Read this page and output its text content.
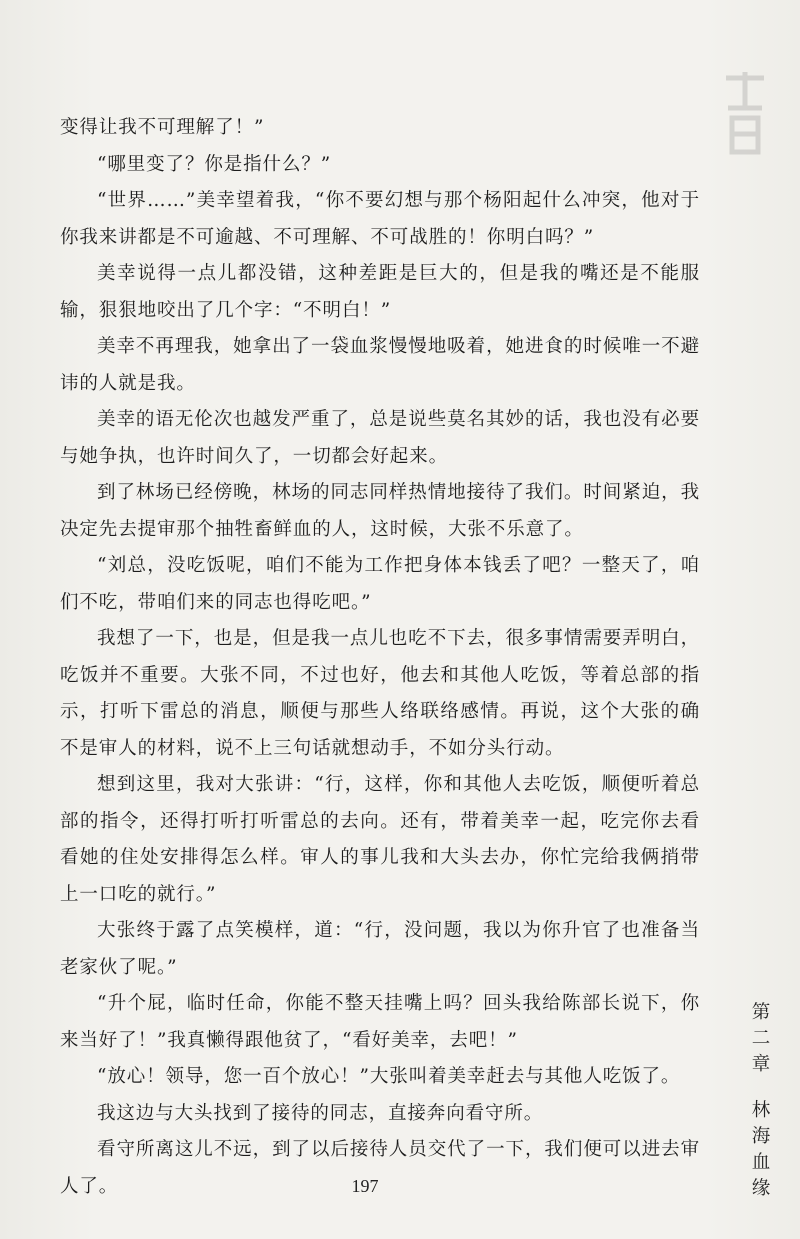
变得让我不可理解了！”

“哪里变了？你是指什么？”

“世界……”美幸望着我，“你不要幻想与那个杨阳起什么冲突，他对于你我来讲都是不可逾越、不可理解、不可战胜的！你明白吗？”

美幸说得一点儿都没错，这种差距是巨大的，但是我的嘴还是不能服输，狠狠地咬出了几个字：“不明白！”

美幸不再理我，她拿出了一袋血浆慢慢地吸着，她进食的时候唯一不避讳的人就是我。

美幸的语无伦次也越发严重了，总是说些莫名其妙的话，我也没有必要与她争执，也许时间久了，一切都会好起来。

到了林场已经傍晚，林场的同志同样热情地接待了我们。时间紧迫，我决定先去提审那个抽牲畜鲜血的人，这时候，大张不乐意了。

“刘总，没吃饭呢，咱们不能为工作把身体本钱丢了吧？一整天了，咱们不吃，带咱们来的同志也得吃吧。”

我想了一下，也是，但是我一点儿也吃不下去，很多事情需要弄明白，吃饭并不重要。大张不同，不过也好，他去和其他人吃饭，等着总部的指示，打听下雷总的消息，顺便与那些人络联络感情。再说，这个大张的确不是审人的材料，说不上三句话就想动手，不如分头行动。

想到这里，我对大张讲：“行，这样，你和其他人去吃饭，顺便听着总部的指令，还得打听打听雷总的去向。还有，带着美幸一起，吃完你去看看她的住处安排得怎么样。审人的事儿我和大头去办，你忙完给我俩捎带上一口吃的就行。”

大张终于露了点笑模样，道：“行，没问题，我以为你升官了也准备当老家伙了呢。”

“升个屁，临时任命，你能不整天挂嘴上吗？回头我给陈部长说下，你来当好了！”我真懒得跟他贫了，“看好美幸，去吧！”

“放心！领导，您一百个放心！”大张叫着美幸赶去与其他人吃饭了。

我这边与大头找到了接待的同志，直接奔向看守所。

看守所离这儿不远，到了以后接待人员交代了一下，我们便可以进去审人了。

第二章
林海血缘
197
